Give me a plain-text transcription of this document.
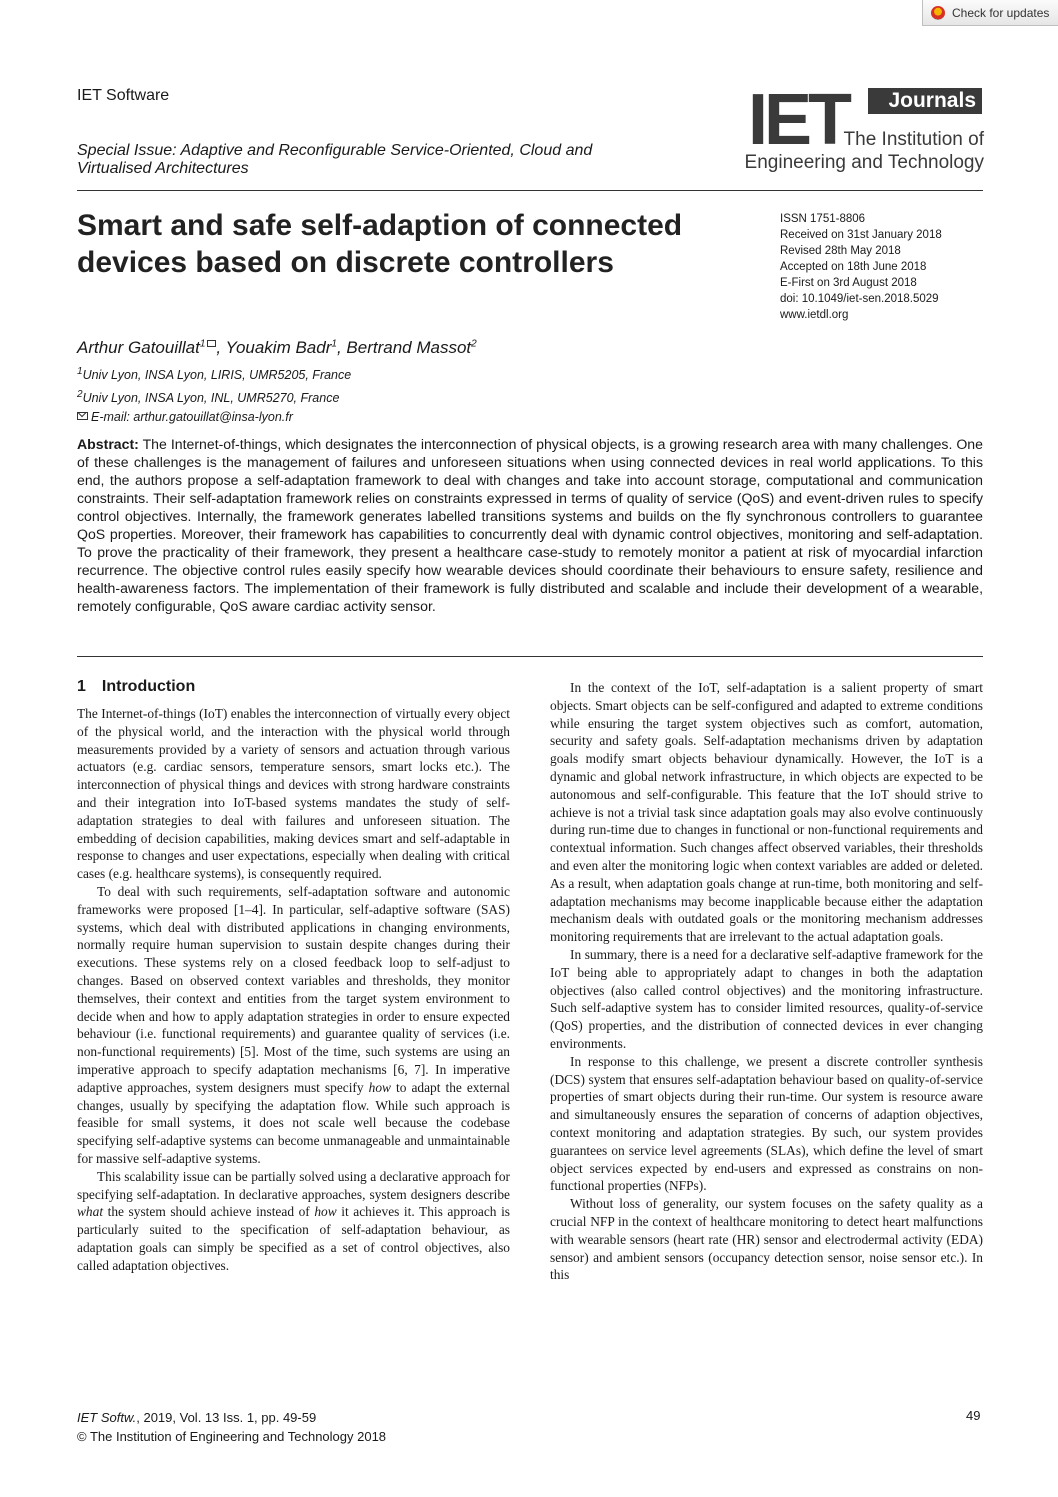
Check for updates
IET Software
Special Issue: Adaptive and Reconfigurable Service-Oriented, Cloud and Virtualised Architectures
IET	Journals
The Institution of
Engineering and Technology
Smart and safe self-adaption of connected devices based on discrete controllers
ISSN 1751-8806
Received on 31st January 2018
Revised 28th May 2018
Accepted on 18th June 2018
E-First on 3rd August 2018
doi: 10.1049/iet-sen.2018.5029
www.ietdl.org
Arthur Gatouillat$^1$ , Youakim Badr$^1$, Bertrand Massot$^2$
$^1$Univ Lyon, INSA Lyon, LIRIS, UMR5205, France
$^2$Univ Lyon, INSA Lyon, INL, UMR5270, France
E-mail: arthur.gatouillat@insa-lyon.fr

Abstract: The Internet-of-things, which designates the interconnection of physical objects, is a growing research area with many challenges. One of these challenges is the management of failures and unforeseen situations when using connected devices in real world applications. To this end, the authors propose a self-adaptation framework to deal with changes and take into account storage, computational and communication constraints. Their self-adaptation framework relies on constraints expressed in terms of quality of service (QoS) and event-driven rules to specify control objectives. Internally, the framework generates labelled transitions systems and builds on the fly synchronous controllers to guarantee QoS properties. Moreover, their framework has capabilities to concurrently deal with dynamic control objectives, monitoring and self-adaptation. To prove the practicality of their framework, they present a healthcare case-study to remotely monitor a patient at risk of myocardial infarction recurrence. The objective control rules easily specify how wearable devices should coordinate their behaviours to ensure safety, resilience and health-awareness factors. The implementation of their framework is fully distributed and scalable and include their development of a wearable, remotely configurable, QoS aware cardiac activity sensor.

1 Introduction

The Internet-of-things (IoT) enables the interconnection of virtually every object of the physical world, and the interaction with the physical world through measurements provided by a variety of sensors and actuation through various actuators (e.g. cardiac sensors, temperature sensors, smart locks etc.). The interconnection of physical things and devices with strong hardware constraints and their integration into IoT-based systems mandates the study of self-adaptation strategies to deal with failures and unforeseen situation. The embedding of decision capabilities, making devices smart and self-adaptable in response to changes and user expectations, especially when dealing with critical cases (e.g. healthcare systems), is consequently required.

To deal with such requirements, self-adaptation software and autonomic frameworks were proposed [1–4]. In particular, self-adaptive software (SAS) systems, which deal with distributed applications in changing environments, normally require human supervision to sustain despite changes during their executions. These systems rely on a closed feedback loop to self-adjust to changes. Based on observed context variables and thresholds, they monitor themselves, their context and entities from the target system environment to decide when and how to apply adaptation strategies in order to ensure expected behaviour (i.e. functional requirements) and guarantee quality of services (i.e. non-functional requirements) [5]. Most of the time, such systems are using an imperative approach to specify adaptation mechanisms [6, 7]. In imperative adaptive approaches, system designers must specify how to adapt the external changes, usually by specifying the adaptation flow. While such approach is feasible for small systems, it does not scale well because the codebase specifying self-adaptive systems can become unmanageable and unmaintainable for massive self-adaptive systems.

This scalability issue can be partially solved using a declarative approach for specifying self-adaptation. In declarative approaches, system designers describe what the system should achieve instead of how it achieves it. This approach is particularly suited to the specification of self-adaptation behaviour, as adaptation goals can simply be specified as a set of control objectives, also called adaptation objectives.

In the context of the IoT, self-adaptation is a salient property of smart objects. Smart objects can be self-configured and adapted to extreme conditions while ensuring the target system objectives such as comfort, automation, security and safety goals. Self-adaptation mechanisms driven by adaptation goals modify smart objects behaviour dynamically. However, the IoT is a dynamic and global network infrastructure, in which objects are expected to be autonomous and self-configurable. This feature that the IoT should strive to achieve is not a trivial task since adaptation goals may also evolve continuously during run-time due to changes in functional or non-functional requirements and contextual information. Such changes affect observed variables, their thresholds and even alter the monitoring logic when context variables are added or deleted. As a result, when adaptation goals change at run-time, both monitoring and self-adaptation mechanisms may become inapplicable because either the adaptation mechanism deals with outdated goals or the monitoring mechanism addresses monitoring requirements that are irrelevant to the actual adaptation goals.

In summary, there is a need for a declarative self-adaptive framework for the IoT being able to appropriately adapt to changes in both the adaptation objectives (also called control objectives) and the monitoring infrastructure. Such self-adaptive system has to consider limited resources, quality-of-service (QoS) properties, and the distribution of connected devices in ever changing environments.

In response to this challenge, we present a discrete controller synthesis (DCS) system that ensures self-adaptation behaviour based on quality-of-service properties of smart objects during their run-time. Our system is resource aware and simultaneously ensures the separation of concerns of adaption objectives, context monitoring and adaptation strategies. By such, our system provides guarantees on service level agreements (SLAs), which define the level of smart object services expected by end-users and expressed as constrains on non-functional properties (NFPs).

Without loss of generality, our system focuses on the safety quality as a crucial NFP in the context of healthcare monitoring to detect heart malfunctions with wearable sensors (heart rate (HR) sensor and electrodermal activity (EDA) sensor) and ambient sensors (occupancy detection sensor, noise sensor etc.). In this

IET Softw., 2019, Vol. 13 Iss. 1, pp. 49-59
© The Institution of Engineering and Technology 2018
49
